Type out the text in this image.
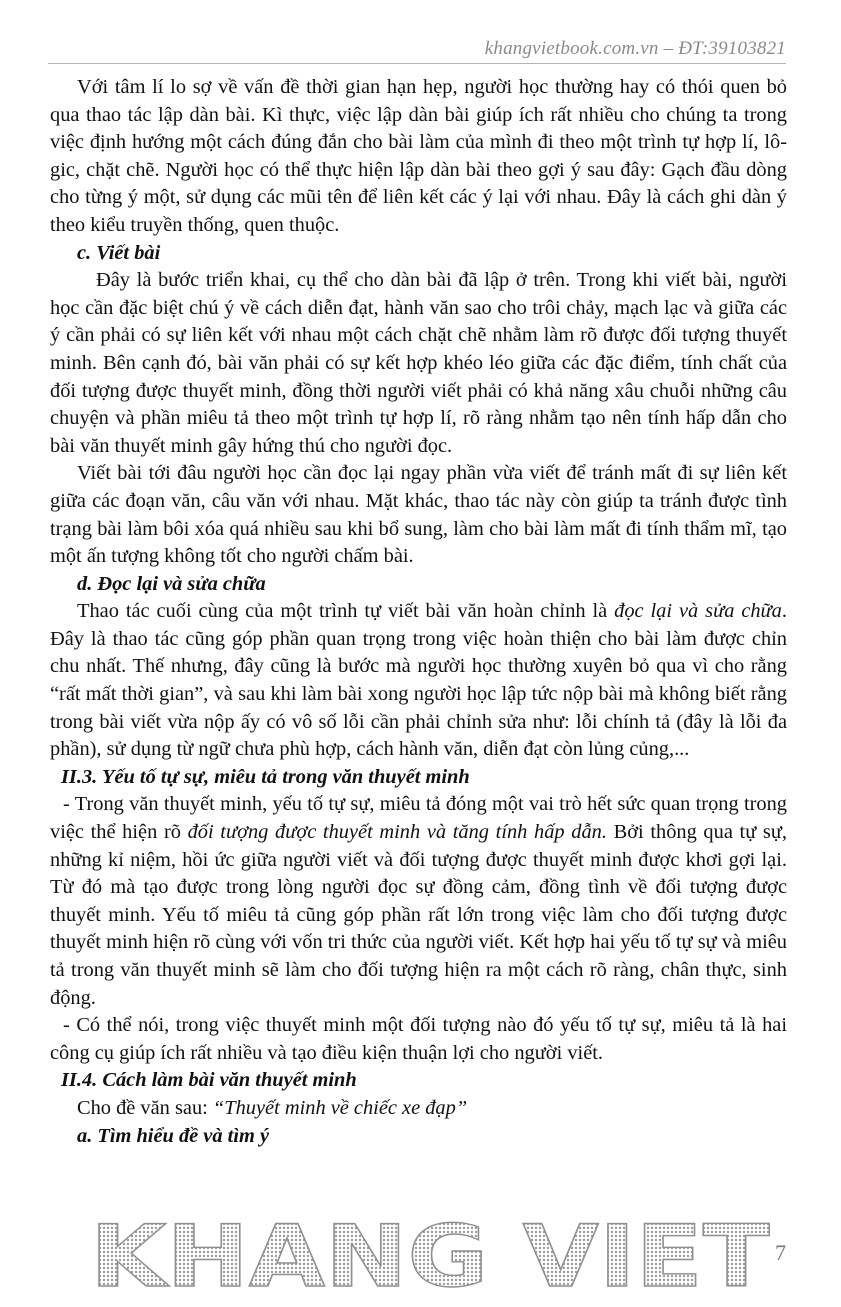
khangvietbook.com.vn – ĐT:39103821

Với tâm lí lo sợ về vấn đề thời gian hạn hẹp, người học thường hay có thói quen bỏ qua thao tác lập dàn bài. Kì thực, việc lập dàn bài giúp ích rất nhiều cho chúng ta trong việc định hướng một cách đúng đắn cho bài làm của mình đi theo một trình tự hợp lí, lô-gic, chặt chẽ. Người học có thể thực hiện lập dàn bài theo gợi ý sau đây: Gạch đầu dòng cho từng ý một, sử dụng các mũi tên để liên kết các ý lại với nhau. Đây là cách ghi dàn ý theo kiểu truyền thống, quen thuộc.

c. Viết bài

Đây là bước triển khai, cụ thể cho dàn bài đã lập ở trên. Trong khi viết bài, người học cần đặc biệt chú ý về cách diễn đạt, hành văn sao cho trôi chảy, mạch lạc và giữa các ý cần phải có sự liên kết với nhau một cách chặt chẽ nhằm làm rõ được đối tượng thuyết minh. Bên cạnh đó, bài văn phải có sự kết hợp khéo léo giữa các đặc điểm, tính chất của đối tượng được thuyết minh, đồng thời người viết phải có khả năng xâu chuỗi những câu chuyện và phần miêu tả theo một trình tự hợp lí, rõ ràng nhằm tạo nên tính hấp dẫn cho bài văn thuyết minh gây hứng thú cho người đọc.

Viết bài tới đâu người học cần đọc lại ngay phần vừa viết để tránh mất đi sự liên kết giữa các đoạn văn, câu văn với nhau. Mặt khác, thao tác này còn giúp ta tránh được tình trạng bài làm bôi xóa quá nhiều sau khi bổ sung, làm cho bài làm mất đi tính thẩm mĩ, tạo một ấn tượng không tốt cho người chấm bài.

d. Đọc lại và sửa chữa

Thao tác cuối cùng của một trình tự viết bài văn hoàn chỉnh là đọc lại và sửa chữa. Đây là thao tác cũng góp phần quan trọng trong việc hoàn thiện cho bài làm được chỉn chu nhất. Thế nhưng, đây cũng là bước mà người học thường xuyên bỏ qua vì cho rằng “rất mất thời gian”, và sau khi làm bài xong người học lập tức nộp bài mà không biết rằng trong bài viết vừa nộp ấy có vô số lỗi cần phải chỉnh sửa như: lỗi chính tả (đây là lỗi đa phần), sử dụng từ ngữ chưa phù hợp, cách hành văn, diễn đạt còn lủng củng,...

II.3. Yếu tố tự sự, miêu tả trong văn thuyết minh

- Trong văn thuyết minh, yếu tố tự sự, miêu tả đóng một vai trò hết sức quan trọng trong việc thể hiện rõ đối tượng được thuyết minh và tăng tính hấp dẫn. Bởi thông qua tự sự, những kỉ niệm, hồi ức giữa người viết và đối tượng được thuyết minh được khơi gợi lại. Từ đó mà tạo được trong lòng người đọc sự đồng cảm, đồng tình về đối tượng được thuyết minh. Yếu tố miêu tả cũng góp phần rất lớn trong việc làm cho đối tượng được thuyết minh hiện rõ cùng với vốn tri thức của người viết. Kết hợp hai yếu tố tự sự và miêu tả trong văn thuyết minh sẽ làm cho đối tượng hiện ra một cách rõ ràng, chân thực, sinh động.

- Có thể nói, trong việc thuyết minh một đối tượng nào đó yếu tố tự sự, miêu tả là hai công cụ giúp ích rất nhiều và tạo điều kiện thuận lợi cho người viết.

II.4. Cách làm bài văn thuyết minh

Cho đề văn sau: “Thuyết minh về chiếc xe đạp”

a. Tìm hiểu đề và tìm ý

KHANG VIET 7
